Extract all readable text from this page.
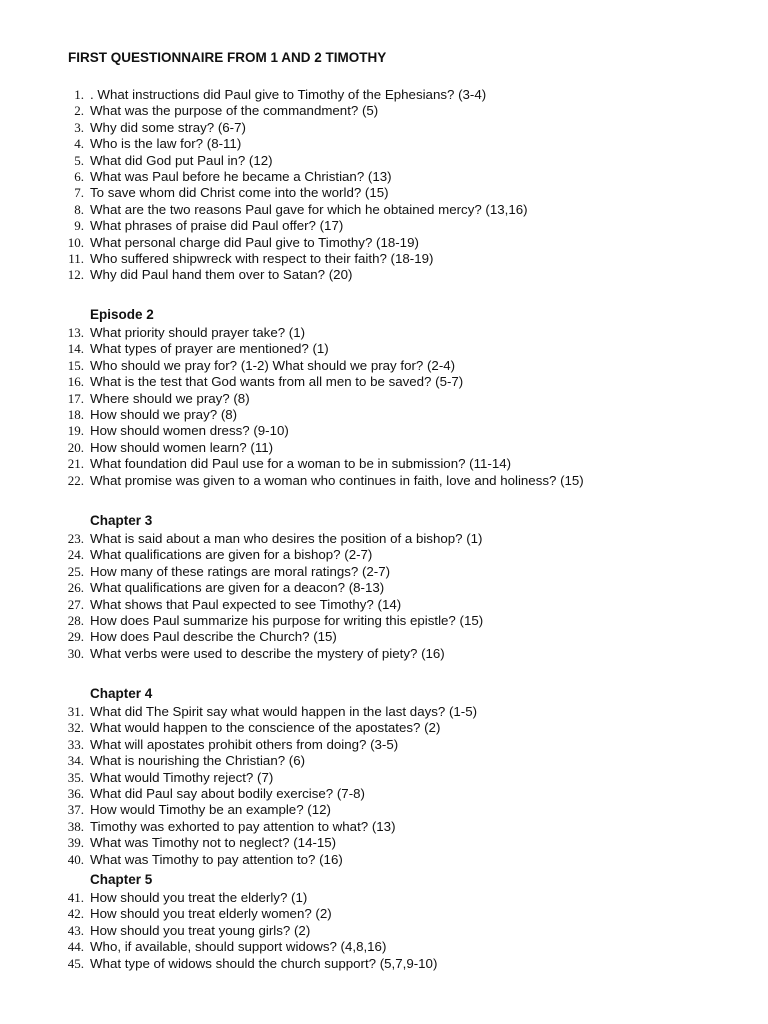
FIRST QUESTIONNAIRE FROM 1 AND 2 TIMOTHY
1. . What instructions did Paul give to Timothy of the Ephesians? (3-4)
2. What was the purpose of the commandment? (5)
3. Why did some stray? (6-7)
4. Who is the law for? (8-11)
5. What did God put Paul in? (12)
6. What was Paul before he became a Christian? (13)
7. To save whom did Christ come into the world? (15)
8. What are the two reasons Paul gave for which he obtained mercy? (13,16)
9. What phrases of praise did Paul offer? (17)
10. What personal charge did Paul give to Timothy? (18-19)
11. Who suffered shipwreck with respect to their faith? (18-19)
12. Why did Paul hand them over to Satan? (20)
Episode 2
13. What priority should prayer take? (1)
14. What types of prayer are mentioned? (1)
15. Who should we pray for? (1-2) What should we pray for? (2-4)
16. What is the test that God wants from all men to be saved? (5-7)
17. Where should we pray? (8)
18. How should we pray? (8)
19. How should women dress? (9-10)
20. How should women learn? (11)
21. What foundation did Paul use for a woman to be in submission? (11-14)
22. What promise was given to a woman who continues in faith, love and holiness? (15)
Chapter 3
23. What is said about a man who desires the position of a bishop? (1)
24. What qualifications are given for a bishop? (2-7)
25. How many of these ratings are moral ratings? (2-7)
26. What qualifications are given for a deacon? (8-13)
27. What shows that Paul expected to see Timothy? (14)
28. How does Paul summarize his purpose for writing this epistle? (15)
29. How does Paul describe the Church? (15)
30. What verbs were used to describe the mystery of piety? (16)
Chapter 4
31. What did The Spirit say what would happen in the last days? (1-5)
32. What would happen to the conscience of the apostates? (2)
33. What will apostates prohibit others from doing? (3-5)
34. What is nourishing the Christian? (6)
35. What would Timothy reject? (7)
36. What did Paul say about bodily exercise? (7-8)
37. How would Timothy be an example? (12)
38. Timothy was exhorted to pay attention to what? (13)
39. What was Timothy not to neglect? (14-15)
40. What was Timothy to pay attention to? (16)
Chapter 5
41. How should you treat the elderly? (1)
42. How should you treat elderly women? (2)
43. How should you treat young girls? (2)
44. Who, if available, should support widows? (4,8,16)
45. What type of widows should the church support? (5,7,9-10)
